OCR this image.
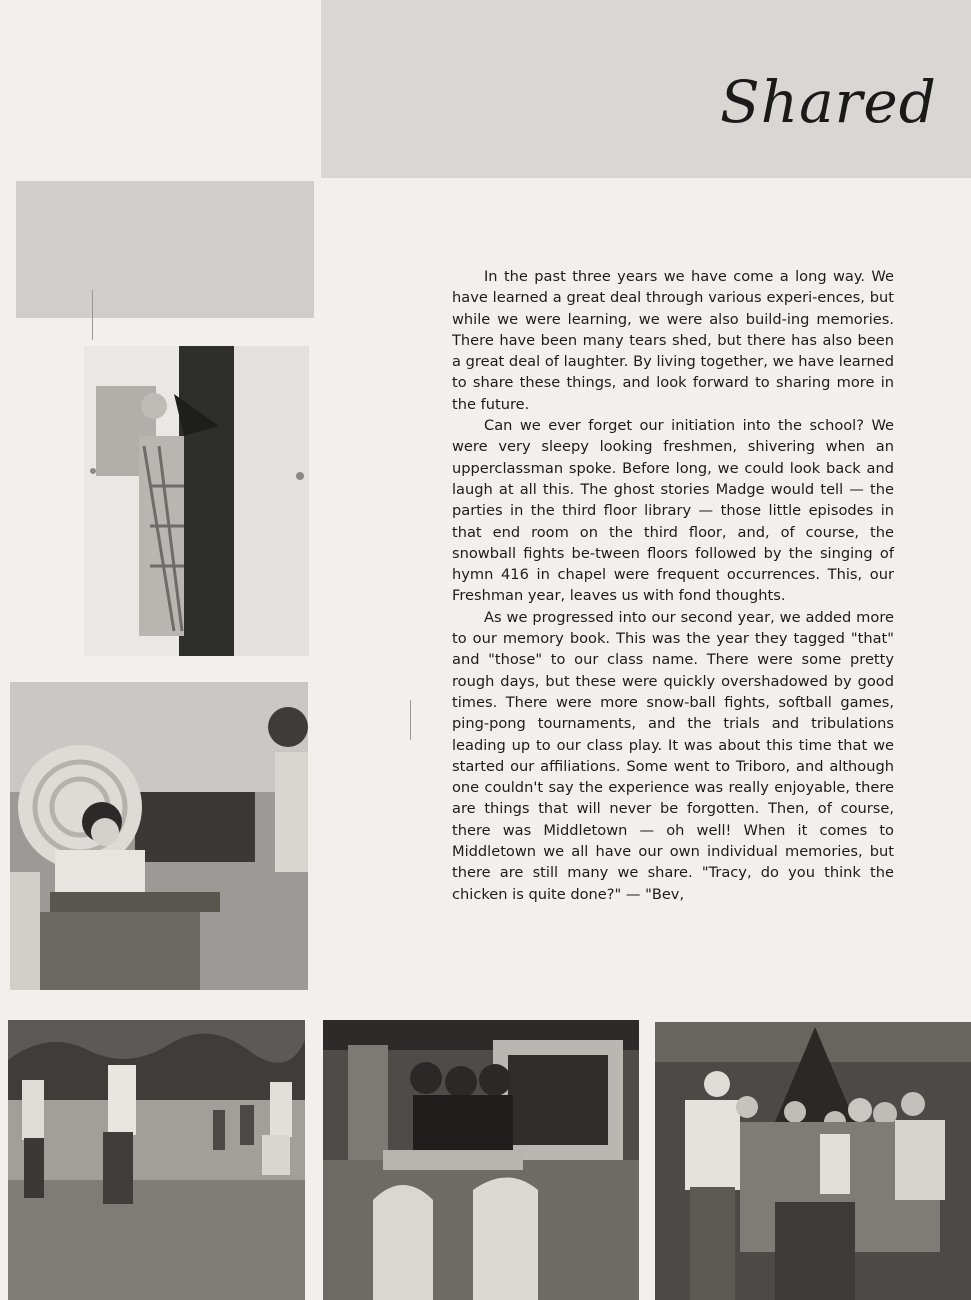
Shared

In the past three years we have come a long way. We have learned a great deal through various experi-ences, but while we were learning, we were also build-ing memories. There have been many tears shed, but there has also been a great deal of laughter. By living together, we have learned to share these things, and look forward to sharing more in the future.

Can we ever forget our initiation into the school? We were very sleepy looking freshmen, shivering when an upperclassman spoke. Before long, we could look back and laugh at all this. The ghost stories Madge would tell — the parties in the third floor library — those little episodes in that end room on the third floor, and, of course, the snowball fights be-tween floors followed by the singing of hymn 416 in chapel were frequent occurrences. This, our Freshman year, leaves us with fond thoughts.

As we progressed into our second year, we added more to our memory book. This was the year they tagged "that" and "those" to our class name. There were some pretty rough days, but these were quickly overshadowed by good times. There were more snow-ball fights, softball games, ping-pong tournaments, and the trials and tribulations leading up to our class play. It was about this time that we started our affiliations. Some went to Triboro, and although one couldn't say the experience was really enjoyable, there are things that will never be forgotten. Then, of course, there was Middletown — oh well! When it comes to Middletown we all have our own individual memories, but there are still many we share. "Tracy, do you think the chicken is quite done?" — "Bev,
